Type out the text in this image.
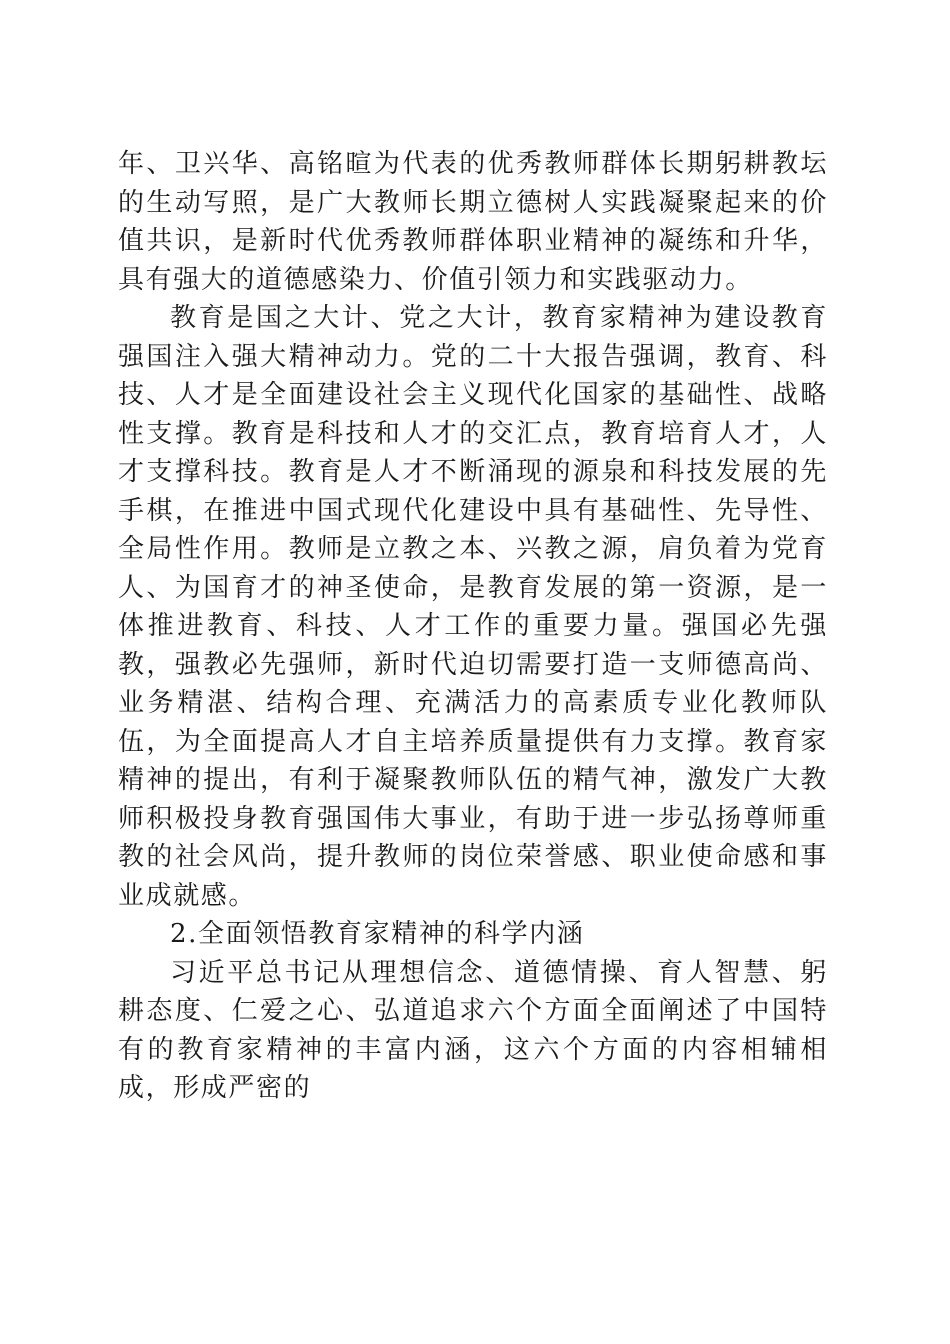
年、卫兴华、高铭暄为代表的优秀教师群体长期躬耕教坛的生动写照，是广大教师长期立德树人实践凝聚起来的价值共识，是新时代优秀教师群体职业精神的凝练和升华，具有强大的道德感染力、价值引领力和实践驱动力。

教育是国之大计、党之大计，教育家精神为建设教育强国注入强大精神动力。党的二十大报告强调，教育、科技、人才是全面建设社会主义现代化国家的基础性、战略性支撑。教育是科技和人才的交汇点，教育培育人才，人才支撑科技。教育是人才不断涌现的源泉和科技发展的先手棋，在推进中国式现代化建设中具有基础性、先导性、全局性作用。教师是立教之本、兴教之源，肩负着为党育人、为国育才的神圣使命，是教育发展的第一资源，是一体推进教育、科技、人才工作的重要力量。强国必先强教，强教必先强师，新时代迫切需要打造一支师德高尚、业务精湛、结构合理、充满活力的高素质专业化教师队伍，为全面提高人才自主培养质量提供有力支撑。教育家精神的提出，有利于凝聚教师队伍的精气神，激发广大教师积极投身教育强国伟大事业，有助于进一步弘扬尊师重教的社会风尚，提升教师的岗位荣誉感、职业使命感和事业成就感。

2.全面领悟教育家精神的科学内涵

习近平总书记从理想信念、道德情操、育人智慧、躬耕态度、仁爱之心、弘道追求六个方面全面阐述了中国特有的教育家精神的丰富内涵，这六个方面的内容相辅相成，形成严密的
